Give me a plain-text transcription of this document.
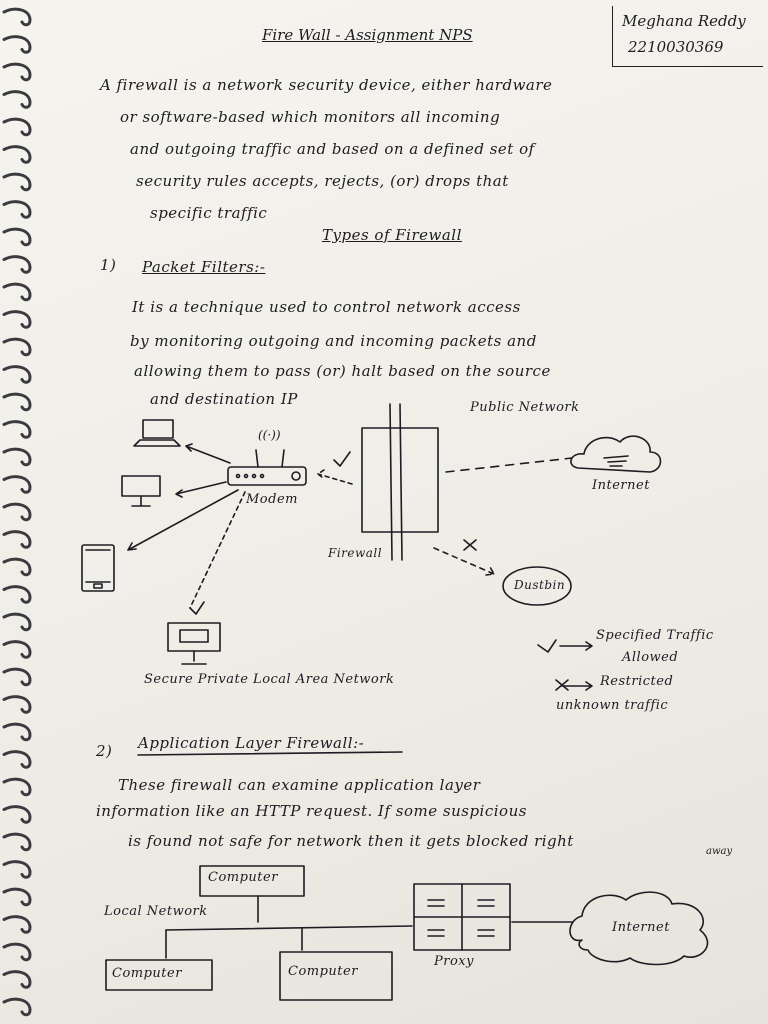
Fire Wall - Assignment NPS
Meghana Reddy
2210030369
A firewall is a network security device, either hardware
or software-based which monitors all incoming
and outgoing traffic and based on a defined set of
security rules accepts, rejects, (or) drops that
specific traffic
Types of Firewall
1) Packet Filters:-
It is a technique used to control network access
by monitoring outgoing and incoming packets and
allowing them to pass (or) halt based on the source
and destination IP
((·))
Public Network
Modem
Internet
Firewall
Dustbin
Secure Private Local Area Network
Specified Traffic
Allowed
Restricted
unknown traffic
2) Application Layer Firewall:-
These firewall can examine application layer
information like an HTTP request. If some suspicious
is found not safe for network then it gets blocked right
away
Computer
Local Network
Computer	Computer
Proxy
Internet
